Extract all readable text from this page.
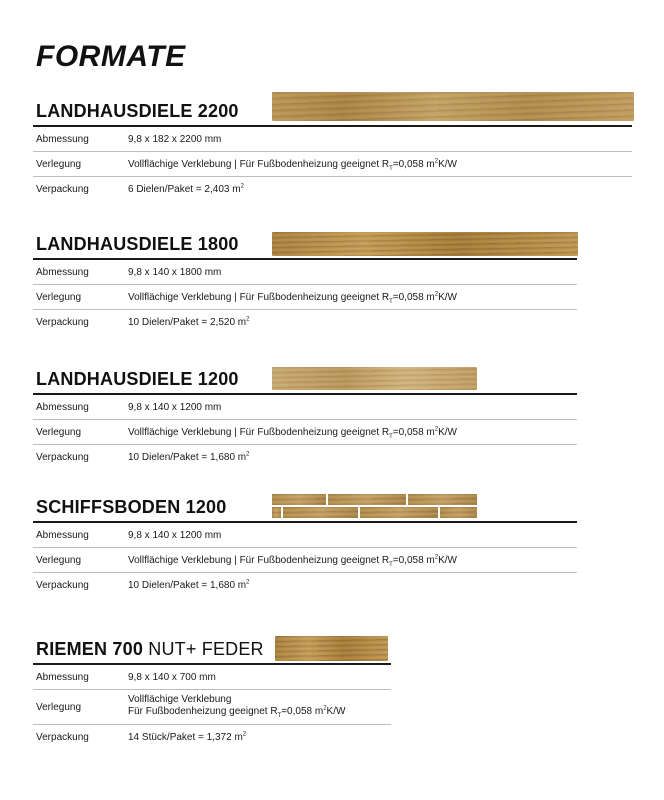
FORMATE
LANDHAUSDIELE 2200
Abmessung	9,8 x 182 x 2200 mm
Verlegung	Vollflächige Verklebung | Für Fußbodenheizung geeignet $R_T=0,058$ $m^2K/W$
Verpackung	6 Dielen/Paket = 2,403 $m^2$
LANDHAUSDIELE 1800
Abmessung	9,8 x 140 x 1800 mm
Verlegung	Vollflächige Verklebung | Für Fußbodenheizung geeignet $R_T=0,058$ $m^2K/W$
Verpackung	10 Dielen/Paket = 2,520 $m^2$
LANDHAUSDIELE 1200
Abmessung	9,8 x 140 x 1200 mm
Verlegung	Vollflächige Verklebung | Für Fußbodenheizung geeignet $R_T=0,058$ $m^2K/W$
Verpackung	10 Dielen/Paket = 1,680 $m^2$
SCHIFFSBODEN 1200
Abmessung	9,8 x 140 x 1200 mm
Verlegung	Vollflächige Verklebung | Für Fußbodenheizung geeignet $R_T=0,058$ $m^2K/W$
Verpackung	10 Dielen/Paket = 1,680 $m^2$
RIEMEN 700 NUT+ FEDER
Abmessung	9,8 x 140 x 700 mm
Verlegung
Vollflächige Verklebung
Für Fußbodenheizung geeignet $R_T=0,058$ $m^2K/W$
Verpackung	14 Stück/Paket = 1,372 $m^2$
